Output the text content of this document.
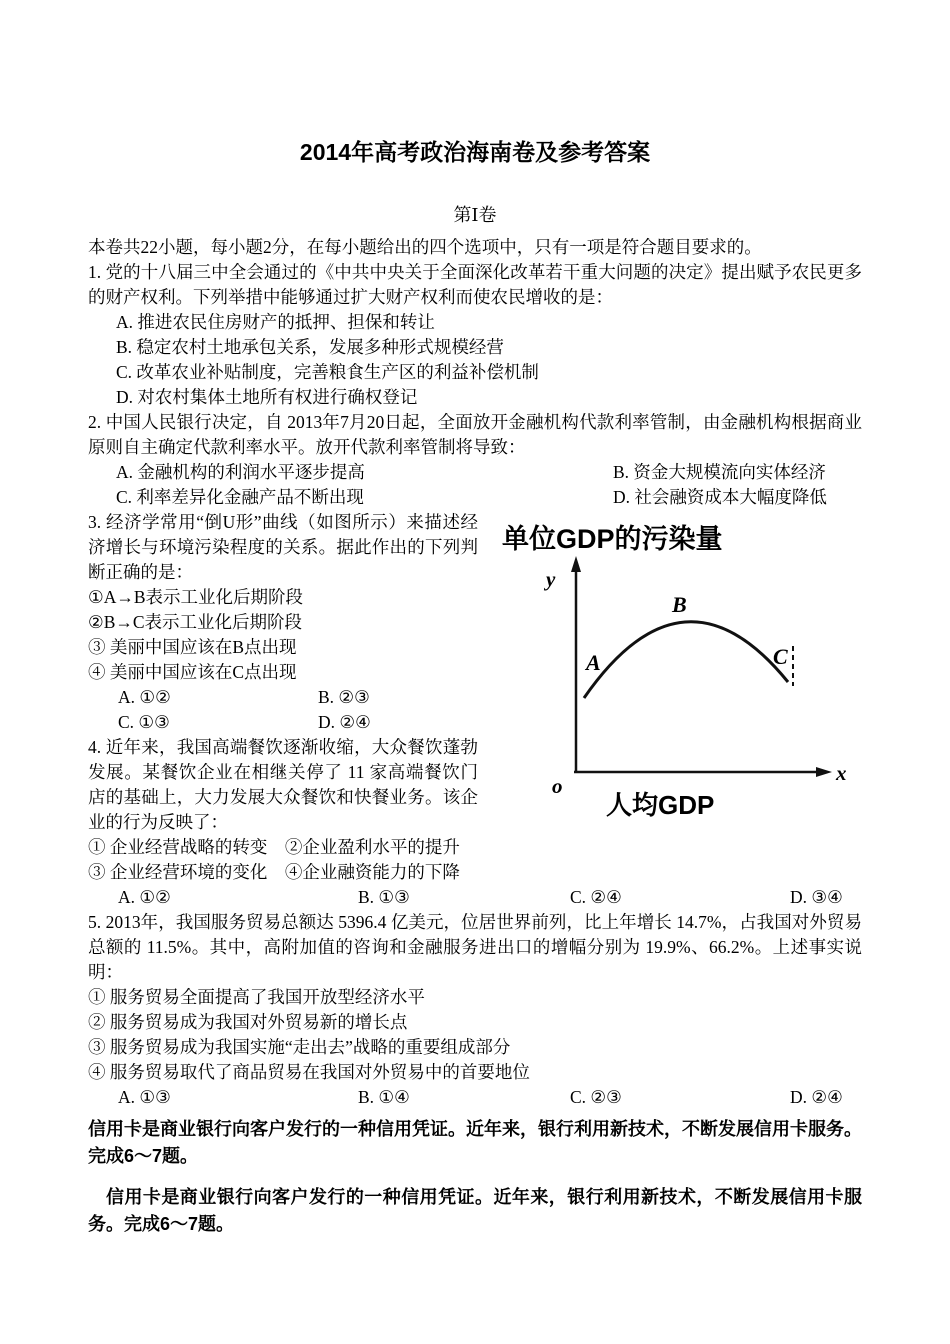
2014年高考政治海南卷及参考答案
第Ⅰ卷

本卷共22小题，每小题2分，在每小题给出的四个选项中，只有一项是符合题目要求的。

1. 党的十八届三中全会通过的《中共中央关于全面深化改革若干重大问题的决定》提出赋予农民更多的财产权利。下列举措中能够通过扩大财产权利而使农民增收的是：

A. 推进农民住房财产的抵押、担保和转让

B. 稳定农村土地承包关系，发展多种形式规模经营

C. 改革农业补贴制度，完善粮食生产区的利益补偿机制

D. 对农村集体土地所有权进行确权登记

2. 中国人民银行决定，自 2013年7月20日起，全面放开金融机构代款利率管制，由金融机构根据商业原则自主确定代款利率水平。放开代款利率管制将导致：

A. 金融机构的利润水平逐步提高	B. 资金大规模流向实体经济
C. 利率差异化金融产品不断出现	D. 社会融资成本大幅度降低
单位GDP的污染量
y
x
o
A
B
C
人均GDP

3. 经济学常用“倒U形”曲线（如图所示）来描述经济增长与环境污染程度的关系。据此作出的下列判断正确的是：

①A→B表示工业化后期阶段

②B→C表示工业化后期阶段

③ 美丽中国应该在B点出现

④ 美丽中国应该在C点出现

A. ①②	B. ②③
C. ①③	D. ②④

4. 近年来，我国高端餐饮逐渐收缩，大众餐饮蓬勃发展。某餐饮企业在相继关停了 11 家高端餐饮门店的基础上，大力发展大众餐饮和快餐业务。该企业的行为反映了：

① 企业经营战略的转变　②企业盈利水平的提升

③ 企业经营环境的变化　④企业融资能力的下降

A. ①②	B. ①③	C. ②④	D. ③④

5. 2013年，我国服务贸易总额达 5396.4 亿美元，位居世界前列，比上年增长 14.7%，占我国对外贸易总额的 11.5%。其中，高附加值的咨询和金融服务进出口的增幅分别为 19.9%、66.2%。上述事实说明：

① 服务贸易全面提高了我国开放型经济水平

② 服务贸易成为我国对外贸易新的增长点

③ 服务贸易成为我国实施“走出去”战略的重要组成部分

④ 服务贸易取代了商品贸易在我国对外贸易中的首要地位

A. ①③	B. ①④	C. ②③	D. ②④

信用卡是商业银行向客户发行的一种信用凭证。近年来，银行利用新技术，不断发展信用卡服务。完成6～7题。

信用卡是商业银行向客户发行的一种信用凭证。近年来，银行利用新技术，不断发展信用卡服务。完成6～7题。
